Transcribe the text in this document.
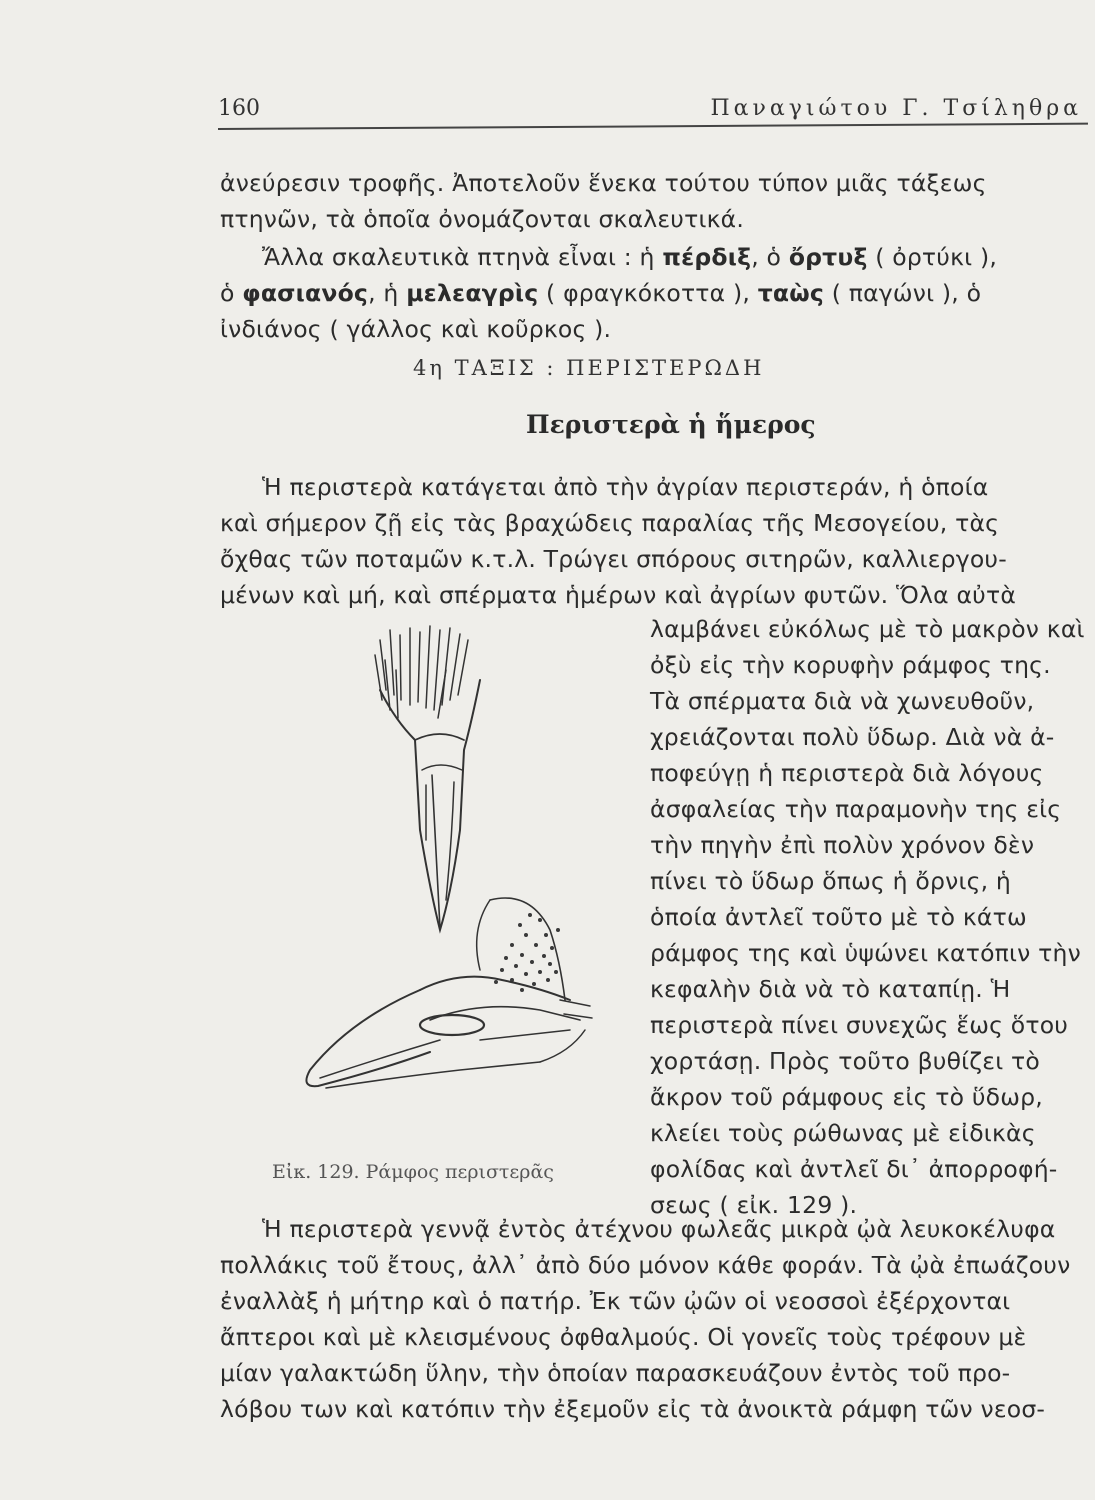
160	Παναγιώτου Γ. Τσίληθρα
ἀνεύρεσιν τροφῆς. Ἀποτελοῦν ἕνεκα τούτου τύπον μιᾶς τάξεως
πτηνῶν, τὰ ὁποῖα ὀνομάζονται σκαλευτικά.
Ἄλλα σκαλευτικὰ πτηνὰ εἶναι : ἡ πέρδιξ, ὁ ὄρτυξ ( ὀρτύκι ),
ὁ φασιανός, ἡ μελεαγρὶς ( φραγκόκοττα ), ταὼς ( παγώνι ), ὁ
ἰνδιάνος ( γάλλος καὶ κοῦρκος ).
4η ΤΑΞΙΣ : ΠΕΡΙΣΤΕΡΩΔΗ
Περιστερὰ ἡ ἥμερος
Ἡ περιστερὰ κατάγεται ἀπὸ τὴν ἀγρίαν περιστεράν, ἡ ὁποία
καὶ σήμερον ζῇ εἰς τὰς βραχώδεις παραλίας τῆς Μεσογείου, τὰς
ὄχθας τῶν ποταμῶν κ.τ.λ. Τρώγει σπόρους σιτηρῶν, καλλιεργου-
μένων καὶ μή, καὶ σπέρματα ἡμέρων καὶ ἀγρίων φυτῶν. Ὅλα αὐτὰ
λαμβάνει εὐκόλως μὲ τὸ μακρὸν καὶ
ὀξὺ εἰς τὴν κορυφὴν ράμφος της.
Τὰ σπέρματα διὰ νὰ χωνευθοῦν,
χρειάζονται πολὺ ὕδωρ. Διὰ νὰ ἀ-
ποφεύγῃ ἡ περιστερὰ διὰ λόγους
ἀσφαλείας τὴν παραμονὴν της εἰς
τὴν πηγὴν ἐπὶ πολὺν χρόνον δὲν
πίνει τὸ ὕδωρ ὅπως ἡ ὄρνις, ἡ
ὁποία ἀντλεῖ τοῦτο μὲ τὸ κάτω
ράμφος της καὶ ὑψώνει κατόπιν τὴν
κεφαλὴν διὰ νὰ τὸ καταπίῃ. Ἡ
περιστερὰ πίνει συνεχῶς ἕως ὅτου
χορτάσῃ. Πρὸς τοῦτο βυθίζει τὸ
ἄκρον τοῦ ράμφους εἰς τὸ ὕδωρ,
κλείει τοὺς ρώθωνας μὲ εἰδικὰς
φολίδας καὶ ἀντλεῖ δι᾿ ἀπορροφή-
σεως ( εἰκ. 129 ).
Εἰκ. 129. Ράμφος περιστερᾶς
Ἡ περιστερὰ γεννᾷ ἐντὸς ἀτέχνου φωλεᾶς μικρὰ ᾠὰ λευκοκέλυφα
πολλάκις τοῦ ἔτους, ἀλλ᾿ ἀπὸ δύο μόνον κάθε φοράν. Τὰ ᾠὰ ἐπωάζουν
ἐναλλὰξ ἡ μήτηρ καὶ ὁ πατήρ. Ἐκ τῶν ᾠῶν οἱ νεοσσοὶ ἐξέρχονται
ἄπτεροι καὶ μὲ κλεισμένους ὀφθαλμούς. Οἱ γονεῖς τοὺς τρέφουν μὲ
μίαν γαλακτώδη ὕλην, τὴν ὁποίαν παρασκευάζουν ἐντὸς τοῦ προ-
λόβου των καὶ κατόπιν τὴν ἐξεμοῦν εἰς τὰ ἀνοικτὰ ράμφη τῶν νεοσ-
